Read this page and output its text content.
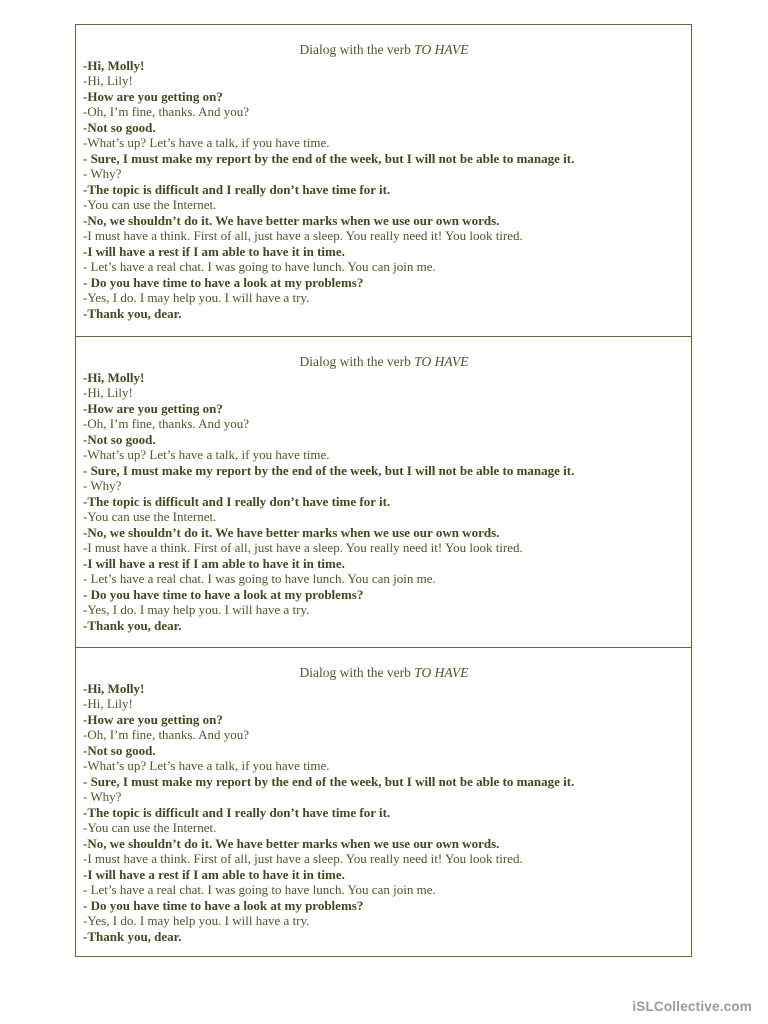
Dialog with the verb TO HAVE
-Hi, Molly!
-Hi, Lily!
-How are you getting on?
-Oh, I’m fine, thanks. And you?
-Not so good.
-What’s up? Let’s have a talk, if you have time.
- Sure, I must make my report by the end of the week, but I will not be able to manage it.
- Why?
-The topic is difficult and I really don’t have time for it.
-You can use the Internet.
-No, we shouldn’t do it. We have better marks when we use our own words.
-I must have a think. First of all, just have a sleep. You really need it! You look tired.
-I will have a rest if I am able to have it in time.
- Let’s have a real chat. I was going to have lunch. You can join me.
- Do you have time to have a look at my problems?
-Yes, I do. I may help you. I will have a try.
-Thank you, dear.
Dialog with the verb TO HAVE
-Hi, Molly!
-Hi, Lily!
-How are you getting on?
-Oh, I’m fine, thanks. And you?
-Not so good.
-What’s up? Let’s have a talk, if you have time.
- Sure, I must make my report by the end of the week, but I will not be able to manage it.
- Why?
-The topic is difficult and I really don’t have time for it.
-You can use the Internet.
-No, we shouldn’t do it. We have better marks when we use our own words.
-I must have a think. First of all, just have a sleep. You really need it! You look tired.
-I will have a rest if I am able to have it in time.
- Let’s have a real chat. I was going to have lunch. You can join me.
- Do you have time to have a look at my problems?
-Yes, I do. I may help you. I will have a try.
-Thank you, dear.
Dialog with the verb TO HAVE
-Hi, Molly!
-Hi, Lily!
-How are you getting on?
-Oh, I’m fine, thanks. And you?
-Not so good.
-What’s up? Let’s have a talk, if you have time.
- Sure, I must make my report by the end of the week, but I will not be able to manage it.
- Why?
-The topic is difficult and I really don’t have time for it.
-You can use the Internet.
-No, we shouldn’t do it. We have better marks when we use our own words.
-I must have a think. First of all, just have a sleep. You really need it! You look tired.
-I will have a rest if I am able to have it in time.
- Let’s have a real chat. I was going to have lunch. You can join me.
- Do you have time to have a look at my problems?
-Yes, I do. I may help you. I will have a try.
-Thank you, dear.
iSLCollective.com
